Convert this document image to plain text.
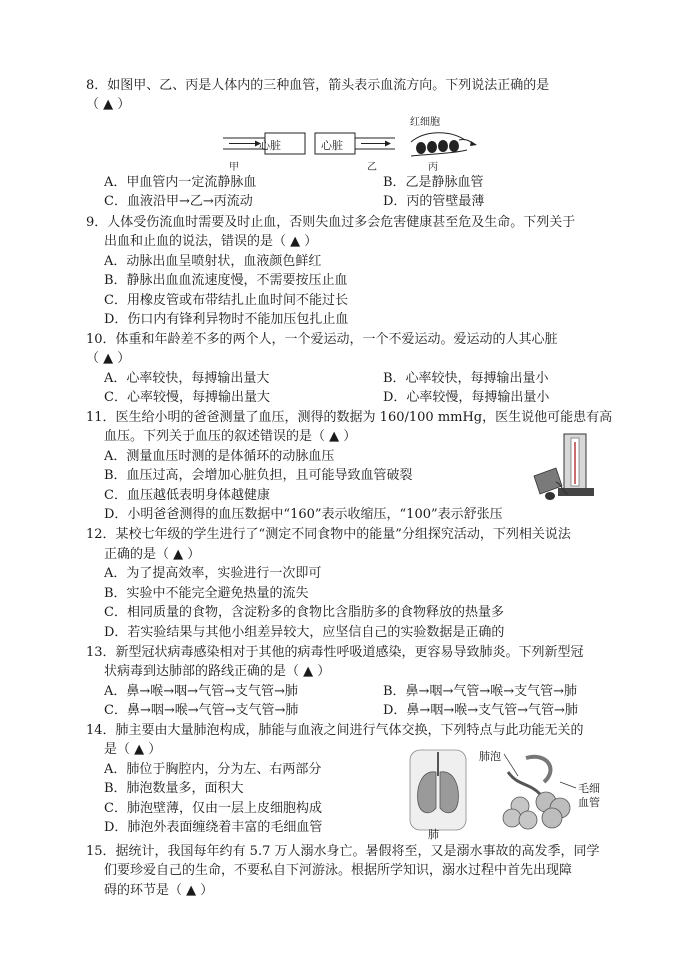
8．如图甲、乙、丙是人体内的三种血管，箭头表示血流方向。下列说法正确的是
（ ▲ ）
心脏	心脏
甲	乙	丙
红细胞
A．甲血管内一定流静脉血	B．乙是静脉血管
C．血液沿甲→乙→丙流动	D．丙的管壁最薄
9．人体受伤流血时需要及时止血，否则失血过多会危害健康甚至危及生命。下列关于
出血和止血的说法，错误的是（ ▲ ）
A．动脉出血呈喷射状，血液颜色鲜红
B．静脉出血血流速度慢，不需要按压止血
C．用橡皮管或布带结扎止血时间不能过长
D．伤口内有锋利异物时不能加压包扎止血
10．体重和年龄差不多的两个人，一个爱运动，一个不爱运动。爱运动的人其心脏
（ ▲ ）
A．心率较快，每搏输出量大	B．心率较快，每搏输出量小
C．心率较慢，每搏输出量大	D．心率较慢，每搏输出量小
11．医生给小明的爸爸测量了血压，测得的数据为 160/100 mmHg，医生说他可能患有高
血压。下列关于血压的叙述错误的是（ ▲ ）
A．测量血压时测的是体循环的动脉血压
B．血压过高，会增加心脏负担，且可能导致血管破裂
C．血压越低表明身体越健康
D．小明爸爸测得的血压数据中“160”表示收缩压，“100”表示舒张压
12．某校七年级的学生进行了“测定不同食物中的能量”分组探究活动，下列相关说法
正确的是（ ▲ ）
A．为了提高效率，实验进行一次即可
B．实验中不能完全避免热量的流失
C．相同质量的食物，含淀粉多的食物比含脂肪多的食物释放的热量多
D．若实验结果与其他小组差异较大，应坚信自己的实验数据是正确的
13．新型冠状病毒感染相对于其他的病毒性呼吸道感染，更容易导致肺炎。下列新型冠
状病毒到达肺部的路线正确的是（ ▲ ）
A．鼻→喉→咽→气管→支气管→肺	B．鼻→咽→气管→喉→支气管→肺
C．鼻→咽→喉→气管→支气管→肺	D．鼻→咽→喉→支气管→气管→肺
14．肺主要由大量肺泡构成，肺能与血液之间进行气体交换，下列特点与此功能无关的
是（ ▲ ）
A．肺位于胸腔内，分为左、右两部分
B．肺泡数量多，面积大
C．肺泡壁薄，仅由一层上皮细胞构成
D．肺泡外表面缠绕着丰富的毛细血管
肺泡
毛细
血管
肺
15．据统计，我国每年约有 5.7 万人溺水身亡。暑假将至，又是溺水事故的高发季，同学
们要珍爱自己的生命，不要私自下河游泳。根据所学知识，溺水过程中首先出现障
碍的环节是（ ▲ ）
